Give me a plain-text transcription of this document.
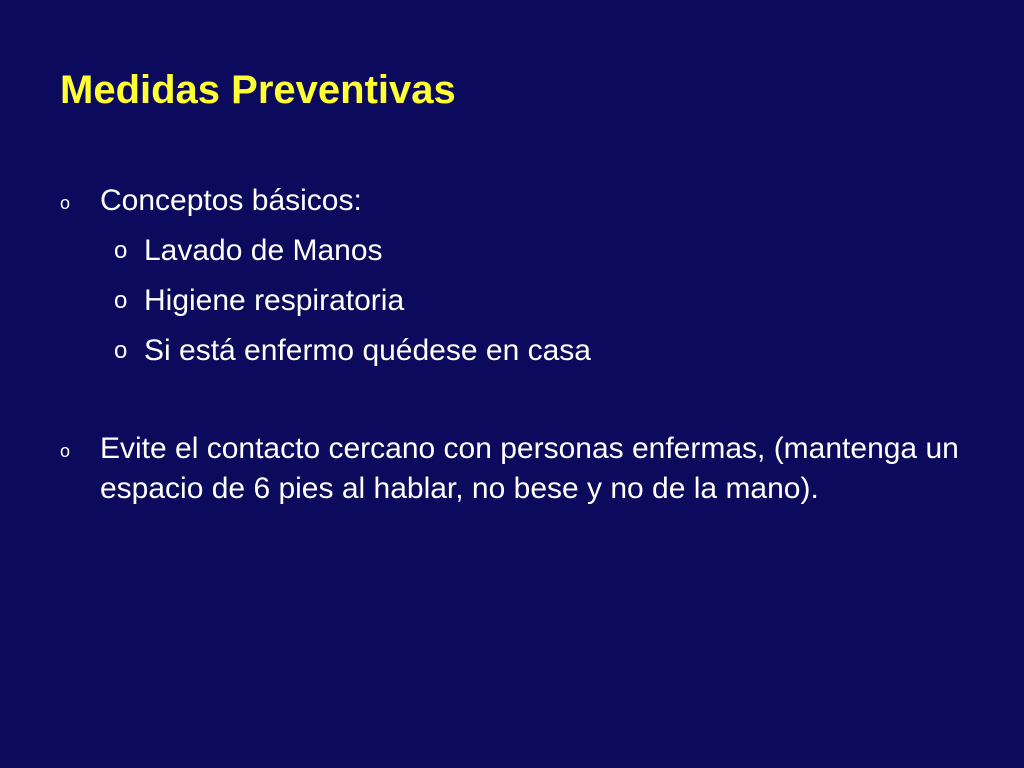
Medidas Preventivas
o Conceptos básicos:
o Lavado de Manos
o Higiene respiratoria
o Si está enfermo quédese en casa
o Evite el contacto cercano con personas enfermas, (mantenga un espacio de 6 pies al hablar, no bese y no de la mano).
